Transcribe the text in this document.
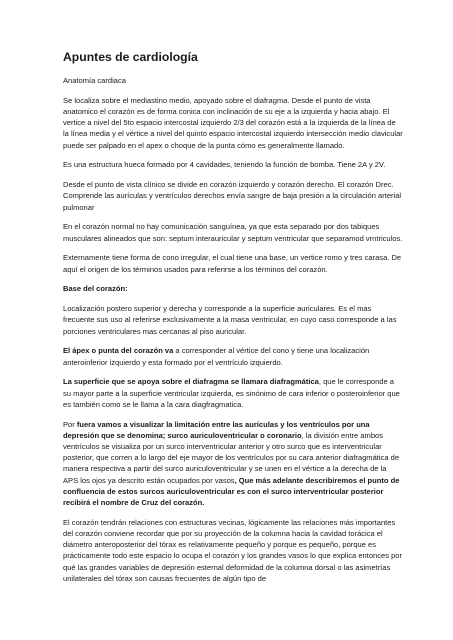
Apuntes de cardiología

Anatomía cardiaca

Se localiza sobre el mediastino medio, apoyado sobre el diafragma. Desde el punto de vista anatomico el corazón es de forma conica con inclinación de su eje a la izquierda y hacia abajo. El vertice a nivel del 5to espacio intercostal izquierdo 2/3 del corazón está a la izquierda de la línea de la línea media y el vértice a nivel del quinto espacio intercostal izquierdo intersección medio clavicular puede ser palpado en el apex o choque de la punta cómo es generalmente llamado.

Es una estructura hueca formado por 4 cavidades, teniendo la función de bomba. Tiene 2A y 2V.

Desde el punto de vista clínico se divide en corazón izquierdo y corazón derecho. El corazón Drec. Comprende las aurículas y ventrículos derechos envía sangre de baja presión a la circulación arterial pulmonar

En el corazón normal no hay comunicación sanguínea, ya que esta separado por dos tabiques musculares alineados que son: septum interauricular y septum ventricular que separamod vrntriculos.

Externamente tiene forma de cono irregular, el cual tiene una base, un vertice romo y tres carasa. De aquí el origen de los términos usados para referirse a los términos del corazón.

Base del corazón:

Localización postero superior y derecha y corresponde a la superficie auriculares. Es el mas frecuente sus uso al referirse exclusivamente a la masa ventricular, en cuyo caso corresponde a las porciones ventriculares mas cercanas al piso auricular.

El ápex o punta del corazón va a corresponder al vértice del cono y tiene una localización anteroinferior izquierdo y esta formado por el ventrículo izquierdo.

La superficie que se apoya sobre el diafragma se llamara diafragmática, que le corresponde a su mayor parte a la superficie ventricular izquierda, es sinónimo de cara inferior o posteroinferior que es también como se le llama a la cara diagfragmatica.

Por fuera vamos a visualizar la limitación entre las aurículas y los ventrículos por una depresión que se denomina; surco auriculoventricular o coronario, la división entre ambos ventrículos se visualiza por un surco interventricular anterior y otro surco que es interventricular posterior, que corren a lo largo del eje mayor de los ventrículos por su cara anterior diafragmática de manera respectiva a partir del surco auriculoventricular y se unen en el vértice a la derecha de la APS los ojos ya descrito están ocupados por vasos, Que más adelante describiremos el punto de confluencia de estos surcos auriculoventricular es con el surco interventricular posterior recibirá el nombre de Cruz del corazón.

El corazón tendrán relaciones con estructuras vecinas, lógicamente las relaciones más importantes del corazón conviene recordar que por su proyección de la columna hacia la cavidad torácica el diámetro anteroposterior del tórax es relativamente pequeño y porque es pequeño, porque es prácticamente todo este espacio lo ocupa el corazón y los grandes vasos lo que explica entonces por qué las grandes variables de depresión esternal deformidad de la columna dorsal o las asimetrías unilaterales del tórax son causas frecuentes de algún tipo de
